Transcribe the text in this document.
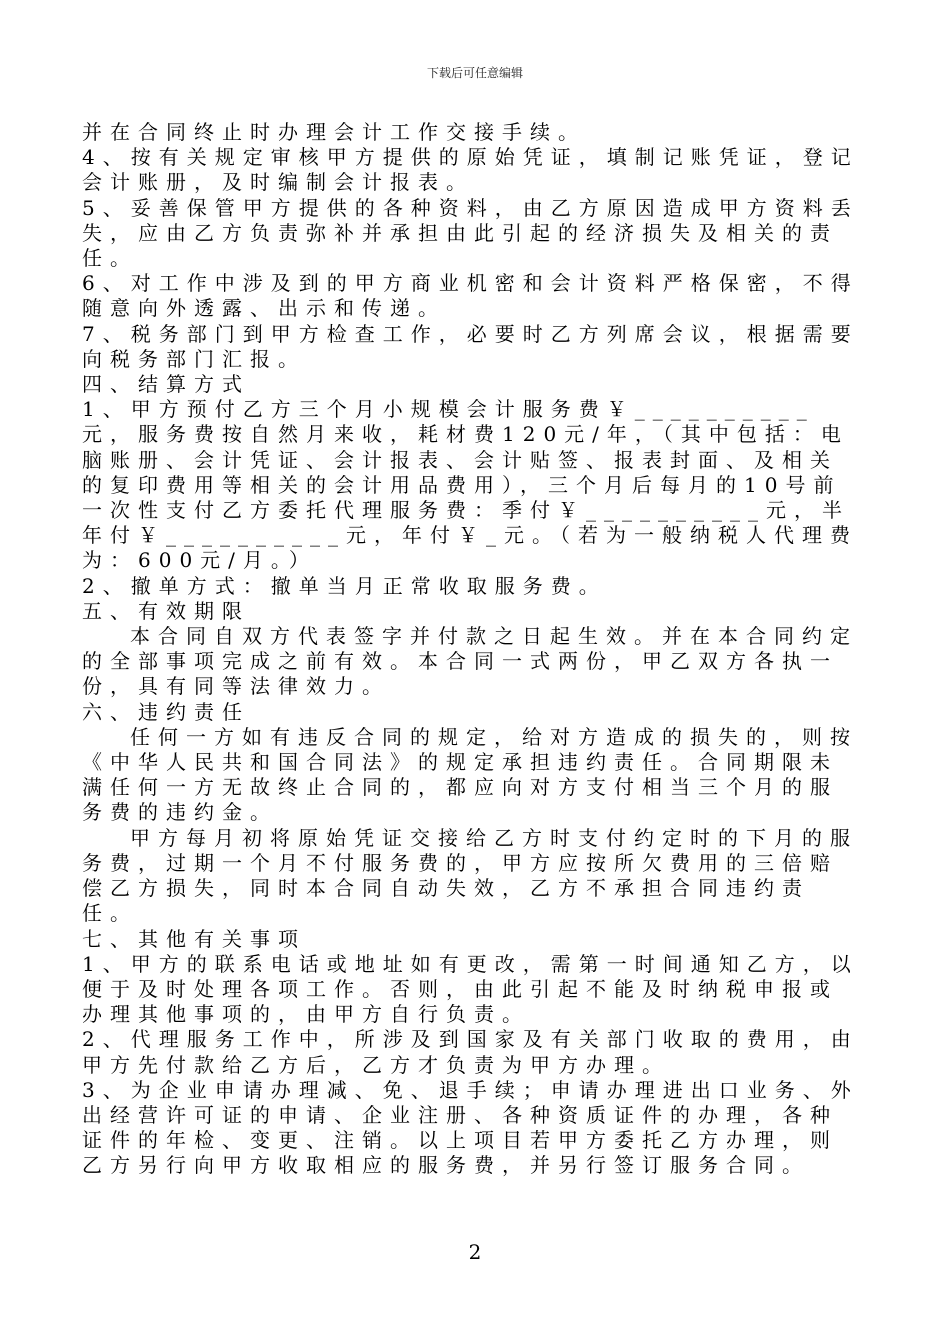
下载后可任意编辑

并在合同终止时办理会计工作交接手续。

4、按有关规定审核甲方提供的原始凭证，填制记账凭证，登记会计账册，及时编制会计报表。

5、妥善保管甲方提供的各种资料，由乙方原因造成甲方资料丢失，应由乙方负责弥补并承担由此引起的经济损失及相关的责任。

6、对工作中涉及到的甲方商业机密和会计资料严格保密，不得随意向外透露、出示和传递。

7、税务部门到甲方检查工作，必要时乙方列席会议，根据需要向税务部门汇报。

四、结算方式

1、甲方预付乙方三个月小规模会计服务费￥__________元，服务费按自然月来收，耗材费120元/年，（其中包括：电脑账册、会计凭证、会计报表、会计贴签、报表封面、及相关的复印费用等相关的会计用品费用），三个月后每月的10号前一次性支付乙方委托代理服务费：季付￥__________元，半年付￥__________元，年付￥_元。（若为一般纳税人代理费为：600元/月。）

2、撤单方式：撤单当月正常收取服务费。

五、有效期限

本合同自双方代表签字并付款之日起生效。并在本合同约定的全部事项完成之前有效。本合同一式两份，甲乙双方各执一份，具有同等法律效力。

六、违约责任

任何一方如有违反合同的规定，给对方造成的损失的，则按《中华人民共和国合同法》的规定承担违约责任。合同期限未满任何一方无故终止合同的，都应向对方支付相当三个月的服务费的违约金。

甲方每月初将原始凭证交接给乙方时支付约定时的下月的服务费，过期一个月不付服务费的，甲方应按所欠费用的三倍赔偿乙方损失，同时本合同自动失效，乙方不承担合同违约责任。

七、其他有关事项

1、甲方的联系电话或地址如有更改，需第一时间通知乙方，以便于及时处理各项工作。否则，由此引起不能及时纳税申报或办理其他事项的，由甲方自行负责。

2、代理服务工作中，所涉及到国家及有关部门收取的费用，由甲方先付款给乙方后，乙方才负责为甲方办理。

3、为企业申请办理减、免、退手续；申请办理进出口业务、外出经营许可证的申请、企业注册、各种资质证件的办理，各种证件的年检、变更、注销。以上项目若甲方委托乙方办理，则乙方另行向甲方收取相应的服务费，并另行签订服务合同。

2
